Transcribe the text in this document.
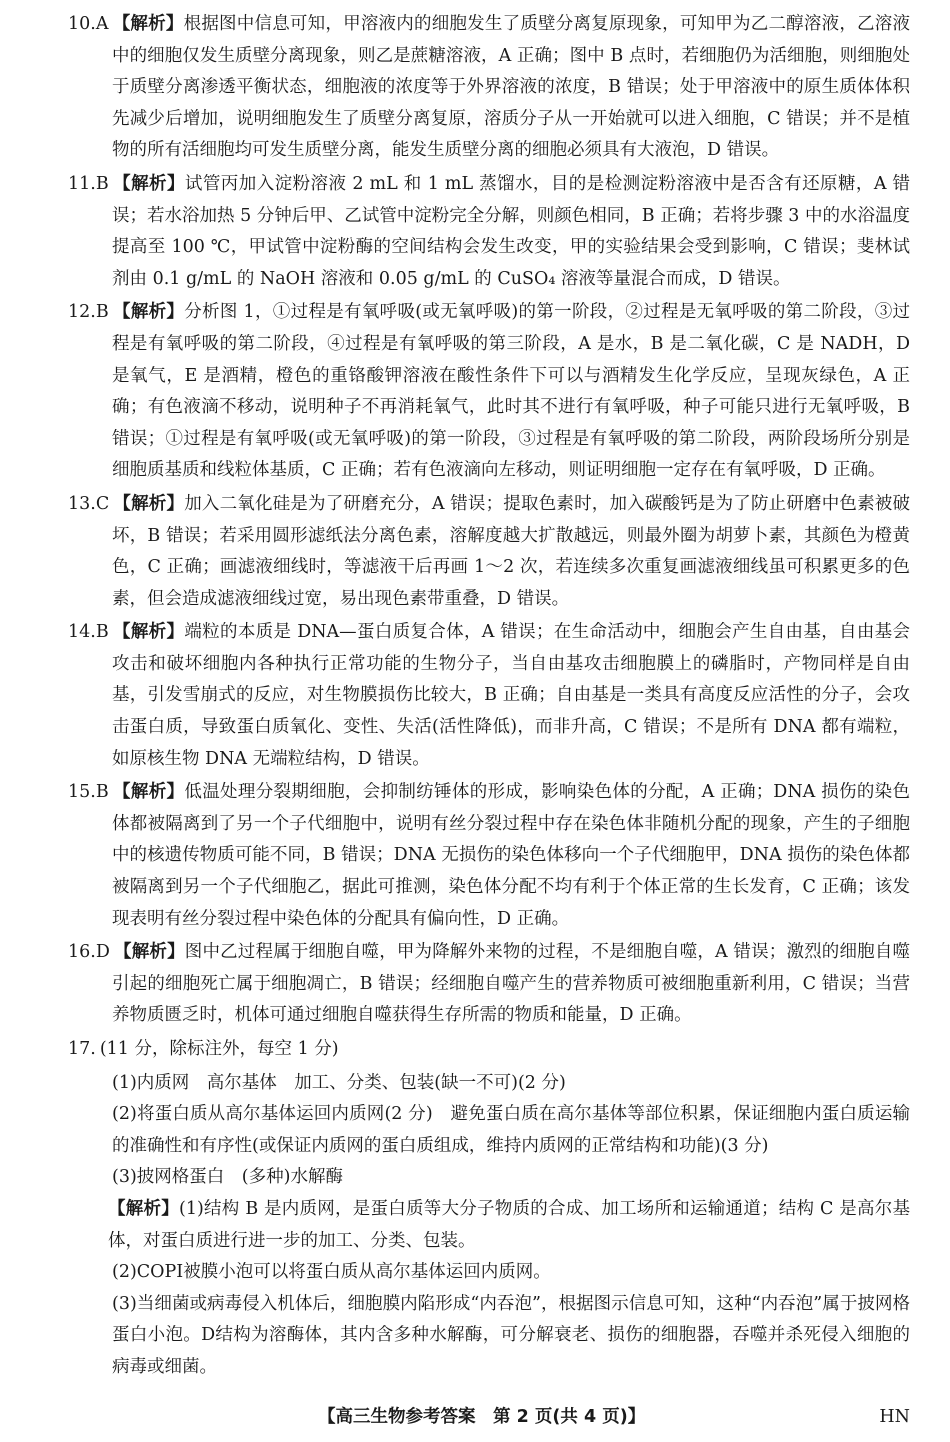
10.A 【解析】根据图中信息可知，甲溶液内的细胞发生了质壁分离复原现象，可知甲为乙二醇溶液，乙溶液中的细胞仅发生质壁分离现象，则乙是蔗糖溶液，A 正确；图中 B 点时，若细胞仍为活细胞，则细胞处于质壁分离渗透平衡状态，细胞液的浓度等于外界溶液的浓度，B 错误；处于甲溶液中的原生质体体积先减少后增加，说明细胞发生了质壁分离复原，溶质分子从一开始就可以进入细胞，C 错误；并不是植物的所有活细胞均可发生质壁分离，能发生质壁分离的细胞必须具有大液泡，D 错误。
11.B 【解析】试管丙加入淀粉溶液 2 mL 和 1 mL 蒸馏水，目的是检测淀粉溶液中是否含有还原糖，A 错误；若水浴加热 5 分钟后甲、乙试管中淀粉完全分解，则颜色相同，B 正确；若将步骤 3 中的水浴温度提高至 100 ℃，甲试管中淀粉酶的空间结构会发生改变，甲的实验结果会受到影响，C 错误；斐林试剂由 0.1 g/mL 的 NaOH 溶液和 0.05 g/mL 的 CuSO₄ 溶液等量混合而成，D 错误。
12.B 【解析】分析图 1，①过程是有氧呼吸(或无氧呼吸)的第一阶段，②过程是无氧呼吸的第二阶段，③过程是有氧呼吸的第二阶段，④过程是有氧呼吸的第三阶段，A 是水，B 是二氧化碳，C 是 NADH，D 是氧气，E 是酒精，橙色的重铬酸钾溶液在酸性条件下可以与酒精发生化学反应，呈现灰绿色，A 正确；有色液滴不移动，说明种子不再消耗氧气，此时其不进行有氧呼吸，种子可能只进行无氧呼吸，B 错误；①过程是有氧呼吸(或无氧呼吸)的第一阶段，③过程是有氧呼吸的第二阶段，两阶段场所分别是细胞质基质和线粒体基质，C 正确；若有色液滴向左移动，则证明细胞一定存在有氧呼吸，D 正确。
13.C 【解析】加入二氧化硅是为了研磨充分，A 错误；提取色素时，加入碳酸钙是为了防止研磨中色素被破坏，B 错误；若采用圆形滤纸法分离色素，溶解度越大扩散越远，则最外圈为胡萝卜素，其颜色为橙黄色，C 正确；画滤液细线时，等滤液干后再画 1～2 次，若连续多次重复画滤液细线虽可积累更多的色素，但会造成滤液细线过宽，易出现色素带重叠，D 错误。
14.B 【解析】端粒的本质是 DNA—蛋白质复合体，A 错误；在生命活动中，细胞会产生自由基，自由基会攻击和破坏细胞内各种执行正常功能的生物分子，当自由基攻击细胞膜上的磷脂时，产物同样是自由基，引发雪崩式的反应，对生物膜损伤比较大，B 正确；自由基是一类具有高度反应活性的分子，会攻击蛋白质，导致蛋白质氧化、变性、失活(活性降低)，而非升高，C 错误；不是所有 DNA 都有端粒，如原核生物 DNA 无端粒结构，D 错误。
15.B 【解析】低温处理分裂期细胞，会抑制纺锤体的形成，影响染色体的分配，A 正确；DNA 损伤的染色体都被隔离到了另一个子代细胞中，说明有丝分裂过程中存在染色体非随机分配的现象，产生的子细胞中的核遗传物质可能不同，B 错误；DNA 无损伤的染色体移向一个子代细胞甲，DNA 损伤的染色体都被隔离到另一个子代细胞乙，据此可推测，染色体分配不均有利于个体正常的生长发育，C 正确；该发现表明有丝分裂过程中染色体的分配具有偏向性，D 正确。
16.D 【解析】图中乙过程属于细胞自噬，甲为降解外来物的过程，不是细胞自噬，A 错误；激烈的细胞自噬引起的细胞死亡属于细胞凋亡，B 错误；经细胞自噬产生的营养物质可被细胞重新利用，C 错误；当营养物质匮乏时，机体可通过细胞自噬获得生存所需的物质和能量，D 正确。
17. (11 分，除标注外，每空 1 分)
(1)内质网　高尔基体　加工、分类、包装(缺一不可)(2 分)
(2)将蛋白质从高尔基体运回内质网(2 分)　避免蛋白质在高尔基体等部位积累，保证细胞内蛋白质运输的准确性和有序性(或保证内质网的蛋白质组成，维持内质网的正常结构和功能)(3 分)
(3)披网格蛋白　(多种)水解酶
【解析】(1)结构 B 是内质网，是蛋白质等大分子物质的合成、加工场所和运输通道；结构 C 是高尔基体，对蛋白质进行进一步的加工、分类、包装。
(2)COPⅠ被膜小泡可以将蛋白质从高尔基体运回内质网。
(3)当细菌或病毒侵入机体后，细胞膜内陷形成“内吞泡”，根据图示信息可知，这种“内吞泡”属于披网格蛋白小泡。D结构为溶酶体，其内含多种水解酶，可分解衰老、损伤的细胞器，吞噬并杀死侵入细胞的病毒或细菌。
【高三生物参考答案　第 2 页(共 4 页)】	HN
